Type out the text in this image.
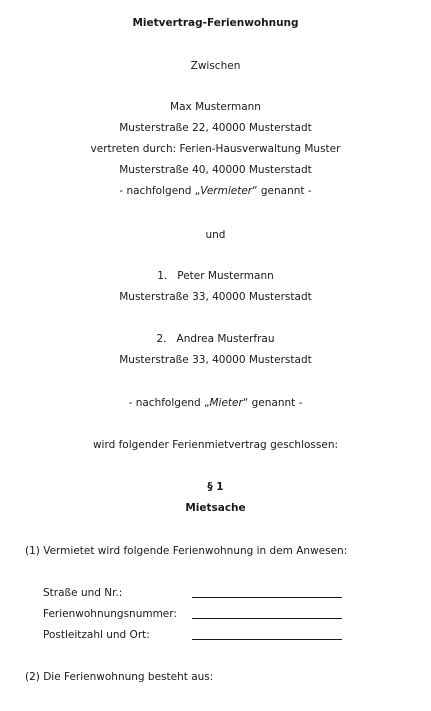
Mietvertrag-Ferienwohnung
Zwischen
Max Mustermann
Musterstraße 22, 40000 Musterstadt
vertreten durch: Ferien-Hausverwaltung Muster
Musterstraße 40, 40000 Musterstadt
- nachfolgend „Vermieter“ genannt -
und
1. Peter Mustermann
Musterstraße 33, 40000 Musterstadt
2. Andrea Musterfrau
Musterstraße 33, 40000 Musterstadt
- nachfolgend „Mieter“ genannt -
wird folgender Ferienmietvertrag geschlossen:
§ 1
Mietsache
(1) Vermietet wird folgende Ferienwohnung in dem Anwesen:
Straße und Nr.:
Ferienwohnungsnummer:
Postleitzahl und Ort:
(2) Die Ferienwohnung besteht aus:
